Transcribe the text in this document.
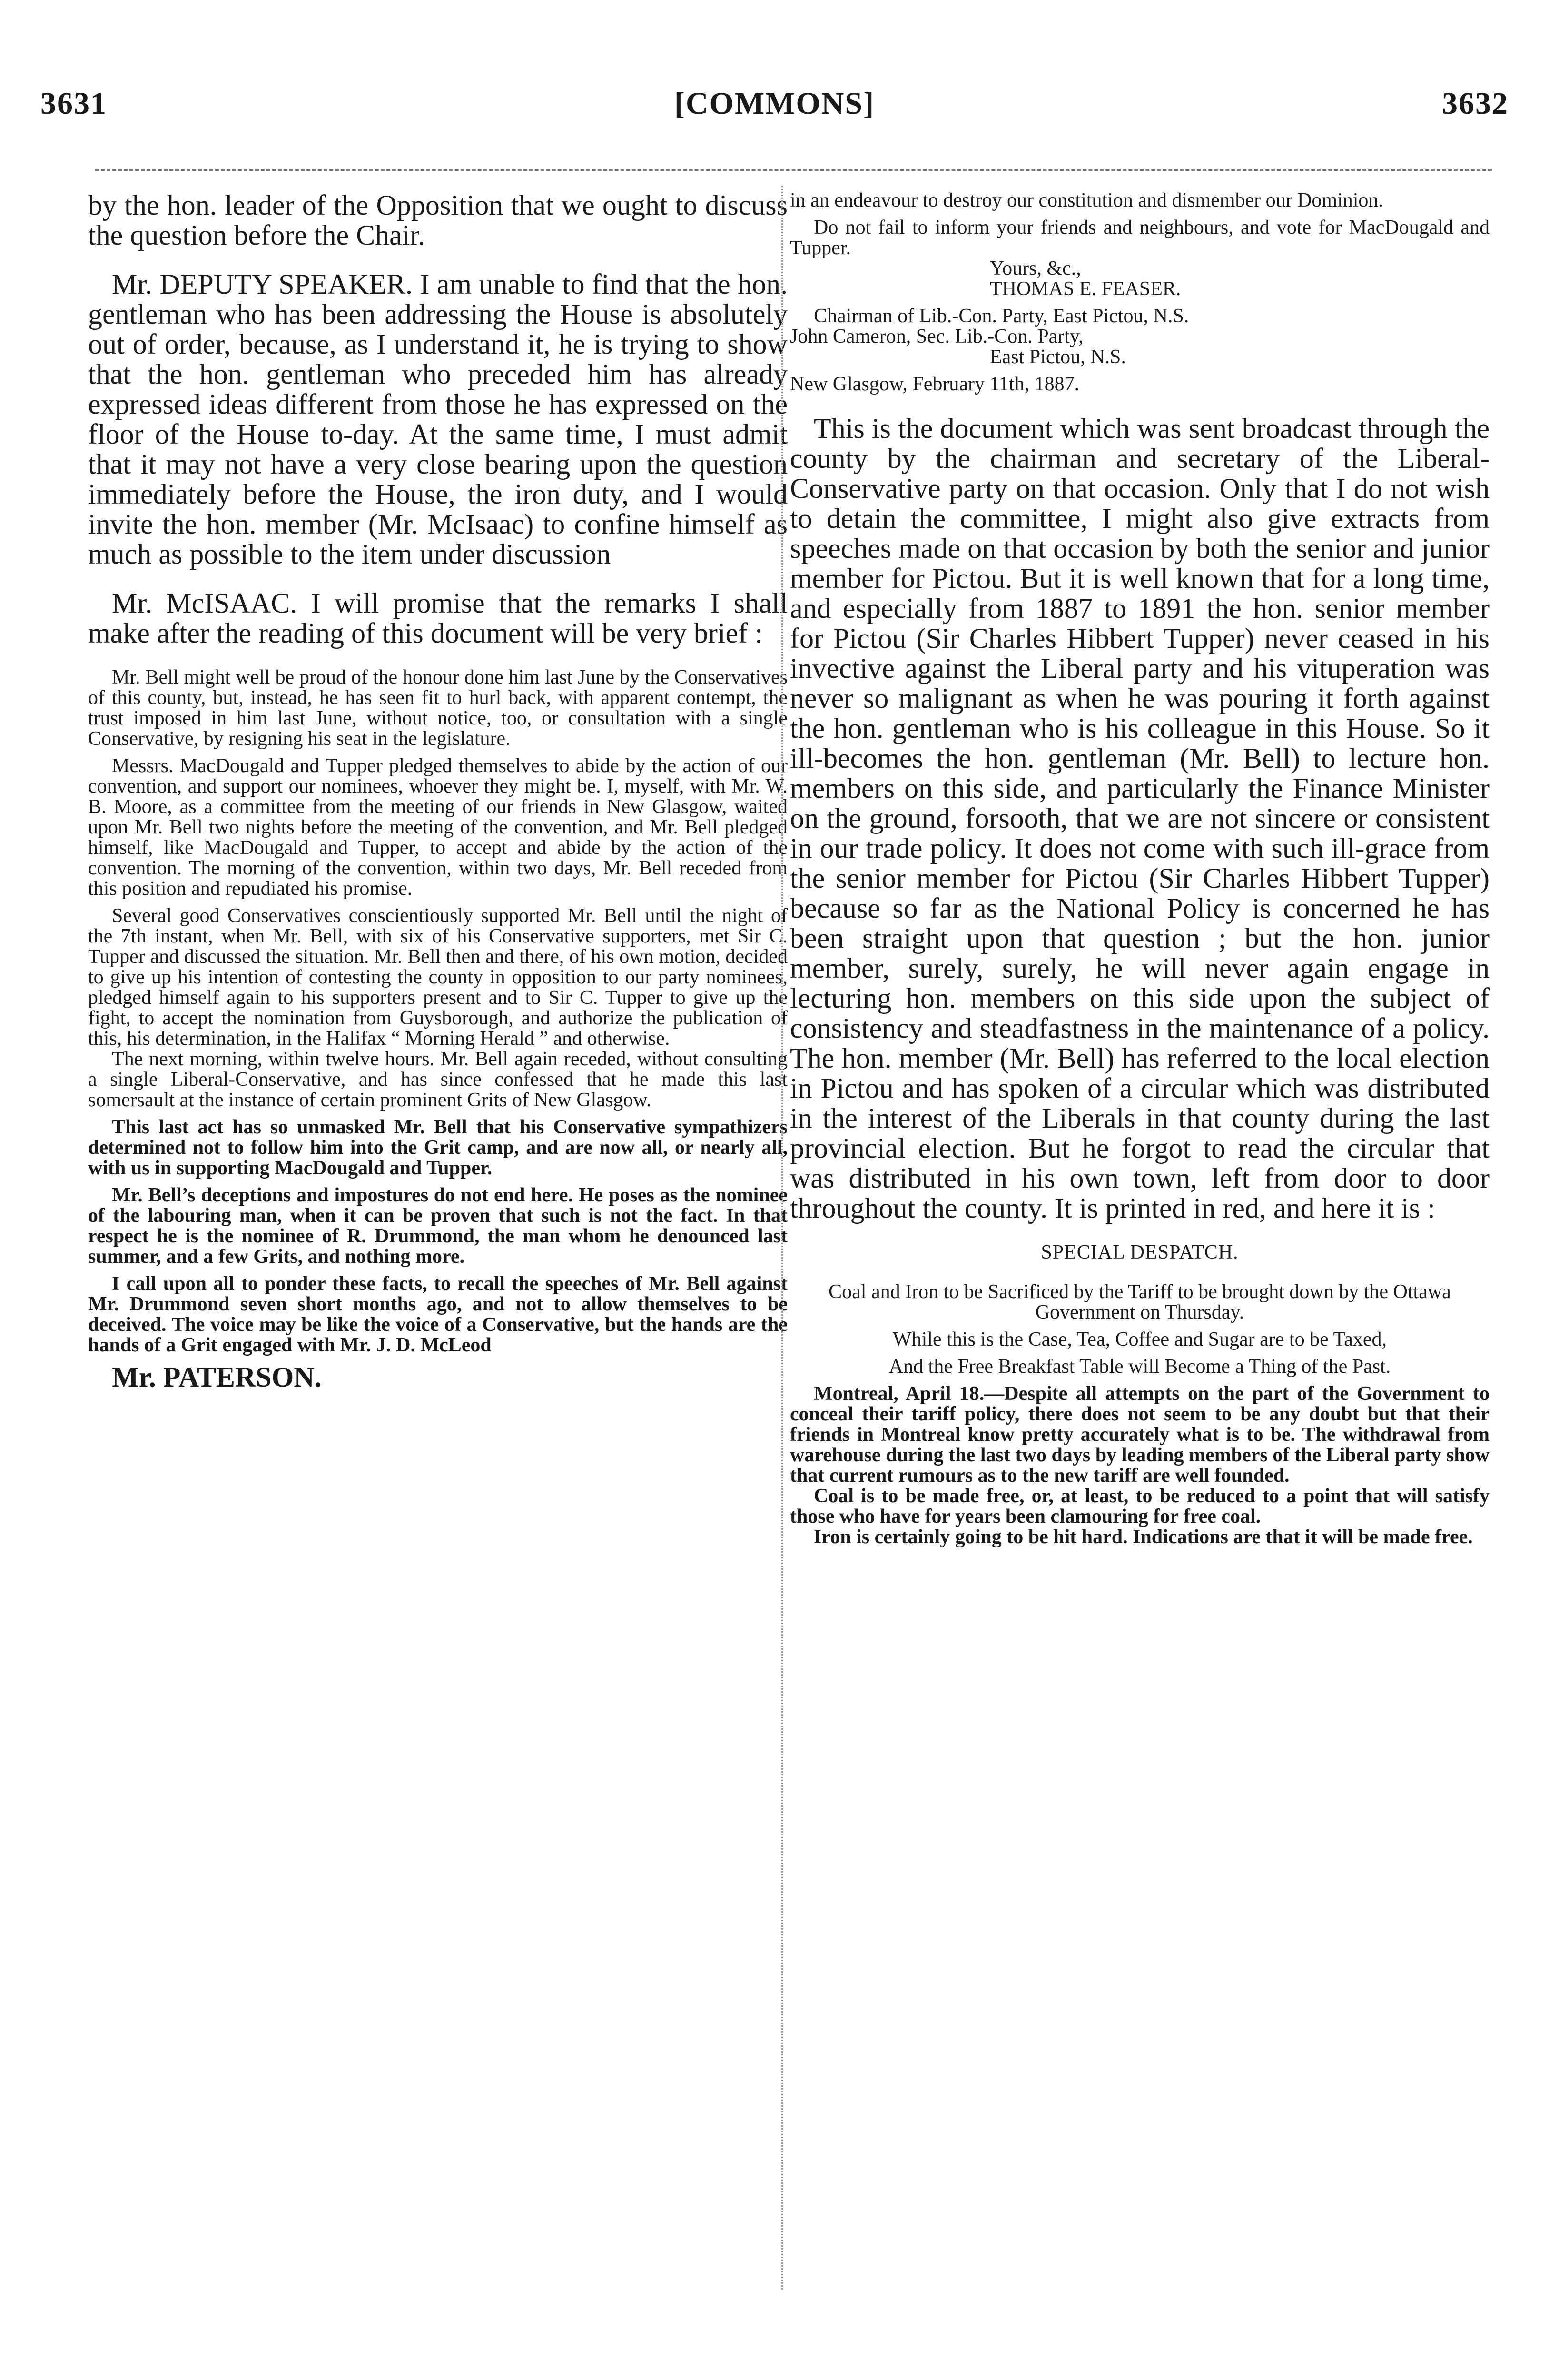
[COMMONS]
3631	3632

by the hon. leader of the Opposition that we ought to discuss the question before the Chair.

Mr. DEPUTY SPEAKER. I am unable to find that the hon. gentleman who has been addressing the House is absolutely out of order, because, as I understand it, he is trying to show that the hon. gentleman who preceded him has already expressed ideas different from those he has expressed on the floor of the House to-day. At the same time, I must admit that it may not have a very close bearing upon the question immediately before the House, the iron duty, and I would invite the hon. member (Mr. McIsaac) to confine himself as much as possible to the item under discussion

Mr. McISAAC. I will promise that the remarks I shall make after the reading of this document will be very brief :

Mr. Bell might well be proud of the honour done him last June by the Conservatives of this county, but, instead, he has seen fit to hurl back, with apparent contempt, the trust imposed in him last June, without notice, too, or consultation with a single Conservative, by resigning his seat in the legislature.

Messrs. MacDougald and Tupper pledged themselves to abide by the action of our convention, and support our nominees, whoever they might be. I, myself, with Mr. W. B. Moore, as a committee from the meeting of our friends in New Glasgow, waited upon Mr. Bell two nights before the meeting of the convention, and Mr. Bell pledged himself, like MacDougald and Tupper, to accept and abide by the action of the convention. The morning of the convention, within two days, Mr. Bell receded from this position and repudiated his promise.

Several good Conservatives conscientiously supported Mr. Bell until the night of the 7th instant, when Mr. Bell, with six of his Conservative supporters, met Sir C. Tupper and discussed the situation. Mr. Bell then and there, of his own motion, decided to give up his intention of contesting the county in opposition to our party nominees, pledged himself again to his supporters present and to Sir C. Tupper to give up the fight, to accept the nomination from Guysborough, and authorize the publication of this, his determination, in the Halifax “ Morning Herald ” and otherwise.

The next morning, within twelve hours. Mr. Bell again receded, without consulting a single Liberal-Conservative, and has since confessed that he made this last somersault at the instance of certain prominent Grits of New Glasgow.

This last act has so unmasked Mr. Bell that his Conservative sympathizers determined not to follow him into the Grit camp, and are now all, or nearly all, with us in supporting MacDougald and Tupper.

Mr. Bell’s deceptions and impostures do not end here. He poses as the nominee of the labouring man, when it can be proven that such is not the fact. In that respect he is the nominee of R. Drummond, the man whom he denounced last summer, and a few Grits, and nothing more.

I call upon all to ponder these facts, to recall the speeches of Mr. Bell against Mr. Drummond seven short months ago, and not to allow themselves to be deceived. The voice may be like the voice of a Conservative, but the hands are the hands of a Grit engaged with Mr. J. D. McLeod

Mr. PATERSON.

in an endeavour to destroy our constitution and dismember our Dominion.

Do not fail to inform your friends and neighbours, and vote for MacDougald and Tupper.

Yours, &c.,

THOMAS E. FEASER.

Chairman of Lib.-Con. Party, East Pictou, N.S.

John Cameron, Sec. Lib.-Con. Party,

East Pictou, N.S.

New Glasgow, February 11th, 1887.

This is the document which was sent broadcast through the county by the chairman and secretary of the Liberal-Conservative party on that occasion. Only that I do not wish to detain the committee, I might also give extracts from speeches made on that occasion by both the senior and junior member for Pictou. But it is well known that for a long time, and especially from 1887 to 1891 the hon. senior member for Pictou (Sir Charles Hibbert Tupper) never ceased in his invective against the Liberal party and his vituperation was never so malignant as when he was pouring it forth against the hon. gentleman who is his colleague in this House. So it ill-becomes the hon. gentleman (Mr. Bell) to lecture hon. members on this side, and particularly the Finance Minister on the ground, forsooth, that we are not sincere or consistent in our trade policy. It does not come with such ill-grace from the senior member for Pictou (Sir Charles Hibbert Tupper) because so far as the National Policy is concerned he has been straight upon that question ; but the hon. junior member, surely, surely, he will never again engage in lecturing hon. members on this side upon the subject of consistency and steadfastness in the maintenance of a policy. The hon. member (Mr. Bell) has referred to the local election in Pictou and has spoken of a circular which was distributed in the interest of the Liberals in that county during the last provincial election. But he forgot to read the circular that was distributed in his own town, left from door to door throughout the county. It is printed in red, and here it is :

SPECIAL DESPATCH.

Coal and Iron to be Sacrificed by the Tariff to be brought down by the Ottawa Government on Thursday.

While this is the Case, Tea, Coffee and Sugar are to be Taxed,

And the Free Breakfast Table will Become a Thing of the Past.

Montreal, April 18.—Despite all attempts on the part of the Government to conceal their tariff policy, there does not seem to be any doubt but that their friends in Montreal know pretty accurately what is to be. The withdrawal from warehouse during the last two days by leading members of the Liberal party show that current rumours as to the new tariff are well founded.

Coal is to be made free, or, at least, to be reduced to a point that will satisfy those who have for years been clamouring for free coal.

Iron is certainly going to be hit hard. Indications are that it will be made free.
